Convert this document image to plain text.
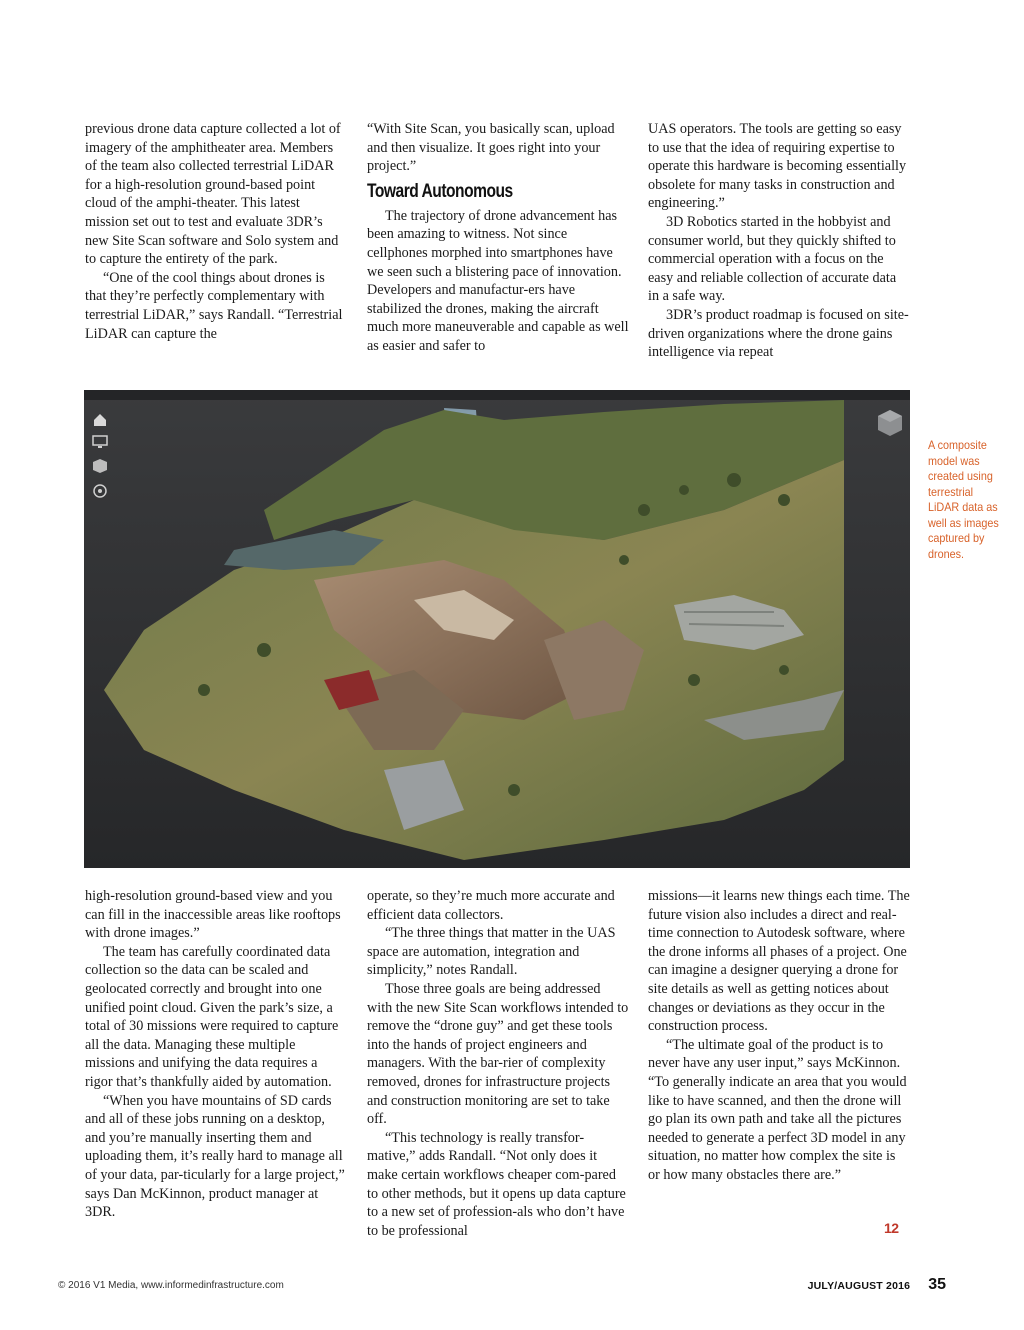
previous drone data capture collected a lot of imagery of the amphitheater area. Members of the team also collected terrestrial LiDAR for a high-resolution ground-based point cloud of the amphi-theater. This latest mission set out to test and evaluate 3DR’s new Site Scan software and Solo system and to capture the entirety of the park.

“One of the cool things about drones is that they’re perfectly complementary with terrestrial LiDAR,” says Randall. “Terrestrial LiDAR can capture the

“With Site Scan, you basically scan, upload and then visualize. It goes right into your project.”

Toward Autonomous

The trajectory of drone advancement has been amazing to witness. Not since cellphones morphed into smartphones have we seen such a blistering pace of innovation. Developers and manufactur-ers have stabilized the drones, making the aircraft much more maneuverable and capable as well as easier and safer to

UAS operators. The tools are getting so easy to use that the idea of requiring expertise to operate this hardware is becoming essentially obsolete for many tasks in construction and engineering.”

3D Robotics started in the hobbyist and consumer world, but they quickly shifted to commercial operation with a focus on the easy and reliable collection of accurate data in a safe way.

3DR’s product roadmap is focused on site-driven organizations where the drone gains intelligence via repeat

A composite model was created using terrestrial LiDAR data as well as images captured by drones.

high-resolution ground-based view and you can fill in the inaccessible areas like rooftops with drone images.”

The team has carefully coordinated data collection so the data can be scaled and geolocated correctly and brought into one unified point cloud. Given the park’s size, a total of 30 missions were required to capture all the data. Managing these multiple missions and unifying the data requires a rigor that’s thankfully aided by automation.

“When you have mountains of SD cards and all of these jobs running on a desktop, and you’re manually inserting them and uploading them, it’s really hard to manage all of your data, par-ticularly for a large project,” says Dan McKinnon, product manager at 3DR.

operate, so they’re much more accurate and efficient data collectors.

“The three things that matter in the UAS space are automation, integration and simplicity,” notes Randall.

Those three goals are being addressed with the new Site Scan workflows intended to remove the “drone guy” and get these tools into the hands of project engineers and managers. With the bar-rier of complexity removed, drones for infrastructure projects and construction monitoring are set to take off.

“This technology is really transfor-mative,” adds Randall. “Not only does it make certain workflows cheaper com-pared to other methods, but it opens up data capture to a new set of profession-als who don’t have to be professional

missions—it learns new things each time. The future vision also includes a direct and real-time connection to Autodesk software, where the drone informs all phases of a project. One can imagine a designer querying a drone for site details as well as getting notices about changes or deviations as they occur in the construction process.

“The ultimate goal of the product is to never have any user input,” says McKinnon. “To generally indicate an area that you would like to have scanned, and then the drone will go plan its own path and take all the pictures needed to generate a perfect 3D model in any situation, no matter how complex the site is or how many obstacles there are.”

12
© 2016 V1 Media, www.informedinfrastructure.com	JULY/AUGUST 2016 35
